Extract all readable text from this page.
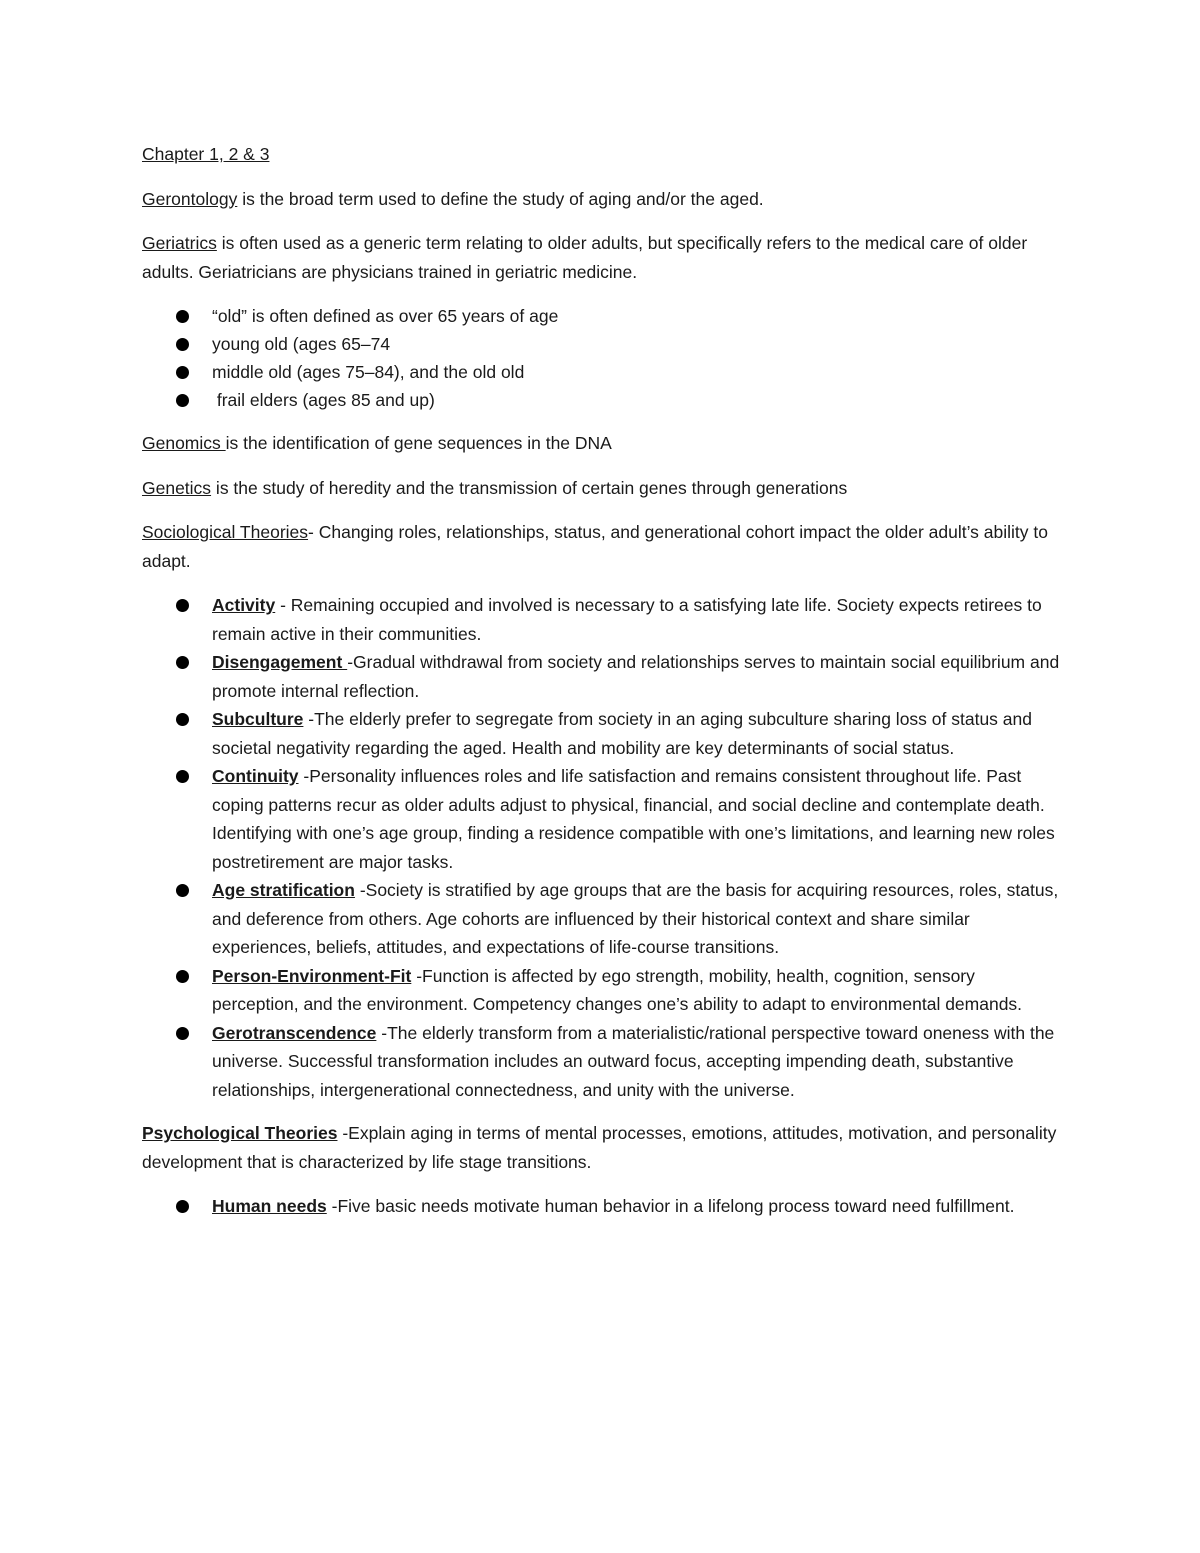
Chapter 1, 2 & 3

Gerontology is the broad term used to define the study of aging and/or the aged.

Geriatrics is often used as a generic term relating to older adults, but specifically refers to the medical care of older adults. Geriatricians are physicians trained in geriatric medicine.

“old” is often defined as over 65 years of age
young old (ages 65–74
middle old (ages 75–84), and the old old
frail elders (ages 85 and up)

Genomics is the identification of gene sequences in the DNA

Genetics is the study of heredity and the transmission of certain genes through generations

Sociological Theories- Changing roles, relationships, status, and generational cohort impact the older adult’s ability to adapt.

Activity - Remaining occupied and involved is necessary to a satisfying late life. Society expects retirees to remain active in their communities.
Disengagement -Gradual withdrawal from society and relationships serves to maintain social equilibrium and promote internal reflection.
Subculture -The elderly prefer to segregate from society in an aging subculture sharing loss of status and societal negativity regarding the aged. Health and mobility are key determinants of social status.
Continuity -Personality influences roles and life satisfaction and remains consistent throughout life. Past coping patterns recur as older adults adjust to physical, financial, and social decline and contemplate death. Identifying with one’s age group, finding a residence compatible with one’s limitations, and learning new roles postretirement are major tasks.
Age stratification -Society is stratified by age groups that are the basis for acquiring resources, roles, status, and deference from others. Age cohorts are influenced by their historical context and share similar experiences, beliefs, attitudes, and expectations of life-course transitions.
Person-Environment-Fit -Function is affected by ego strength, mobility, health, cognition, sensory perception, and the environment. Competency changes one’s ability to adapt to environmental demands.
Gerotranscendence -The elderly transform from a materialistic/rational perspective toward oneness with the universe. Successful transformation includes an outward focus, accepting impending death, substantive relationships, intergenerational connectedness, and unity with the universe.

Psychological Theories -Explain aging in terms of mental processes, emotions, attitudes, motivation, and personality development that is characterized by life stage transitions.

Human needs -Five basic needs motivate human behavior in a lifelong process toward need fulfillment.
